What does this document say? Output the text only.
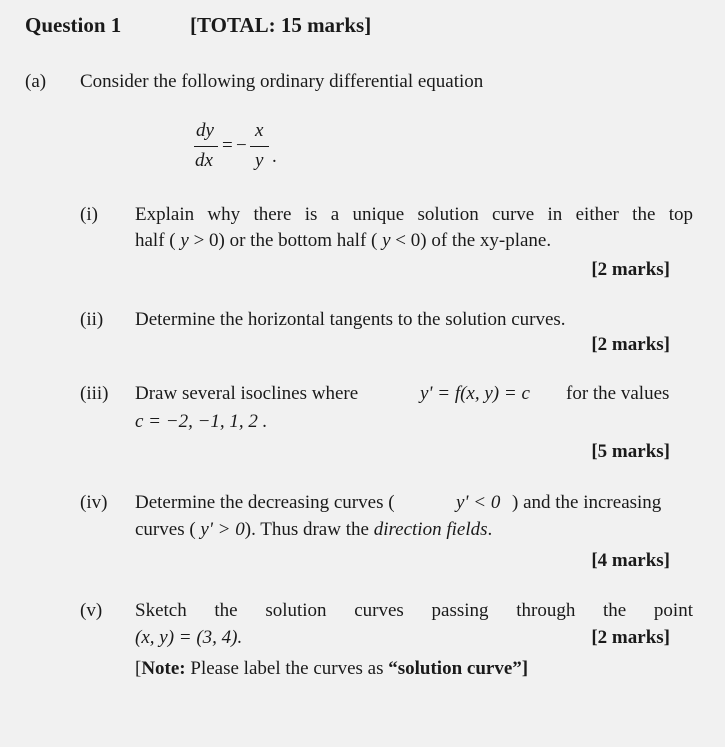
Question 1	[TOTAL: 15 marks]
(a) Consider the following ordinary differential equation
dy
dx
= −
x
y .
(i) Explain why there is a unique solution curve in either the top
half ( y > 0) or the bottom half ( y < 0) of the xy-plane.
[2 marks]
(ii) Determine the horizontal tangents to the solution curves.
[2 marks]
(iii) Draw several isoclines where	y' = f(x, y) = c for the values
c = −2, −1, 1, 2 .
[5 marks]
(iv) Determine the decreasing curves (	y' < 0 ) and the increasing
curves ( y' > 0). Thus draw the direction fields.
[4 marks]
(v) Sketch the solution curves passing through the point
(x, y) = (3, 4).	[2 marks]
[Note: Please label the curves as “solution curve”]
